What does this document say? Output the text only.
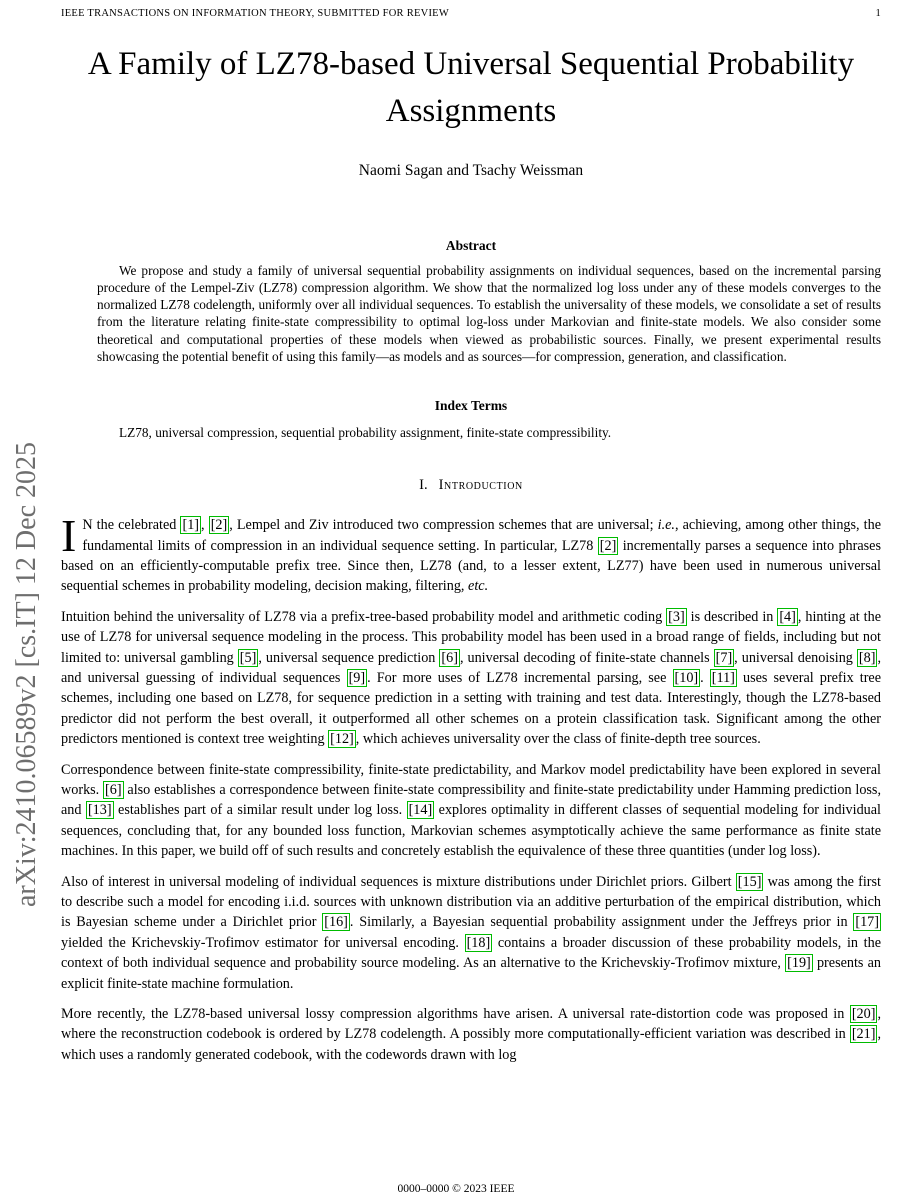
arXiv:2410.06589v2 [cs.IT] 12 Dec 2025
IEEE TRANSACTIONS ON INFORMATION THEORY, SUBMITTED FOR REVIEW	1
A Family of LZ78-based Universal Sequential Probability Assignments
Naomi Sagan and Tsachy Weissman
Abstract

We propose and study a family of universal sequential probability assignments on individual sequences, based on the incremental parsing procedure of the Lempel-Ziv (LZ78) compression algorithm. We show that the normalized log loss under any of these models converges to the normalized LZ78 codelength, uniformly over all individual sequences. To establish the universality of these models, we consolidate a set of results from the literature relating finite-state compressibility to optimal log-loss under Markovian and finite-state models. We also consider some theoretical and computational properties of these models when viewed as probabilistic sources. Finally, we present experimental results showcasing the potential benefit of using this family—as models and as sources—for compression, generation, and classification.

Index Terms

LZ78, universal compression, sequential probability assignment, finite-state compressibility.

I. Introduction

I N the celebrated [1] , [2] , Lempel and Ziv introduced two compression schemes that are universal; i.e., achieving, among other things, the fundamental limits of compression in an individual sequence setting. In particular, LZ78 [2] incrementally parses a sequence into phrases based on an efficiently-computable prefix tree. Since then, LZ78 (and, to a lesser extent, LZ77) have been used in numerous universal sequential schemes in probability modeling, decision making, filtering, etc.

Intuition behind the universality of LZ78 via a prefix-tree-based probability model and arithmetic coding [3] is described in [4] , hinting at the use of LZ78 for universal sequence modeling in the process. This probability model has been used in a broad range of fields, including but not limited to: universal gambling [5] , universal sequence prediction [6] , universal decoding of finite-state channels [7] , universal denoising [8] , and universal guessing of individual sequences [9] . For more uses of LZ78 incremental parsing, see [10] . [11] uses several prefix tree schemes, including one based on LZ78, for sequence prediction in a setting with training and test data. Interestingly, though the LZ78-based predictor did not perform the best overall, it outperformed all other schemes on a protein classification task. Significant among the other predictors mentioned is context tree weighting [12] , which achieves universality over the class of finite-depth tree sources.

Correspondence between finite-state compressibility, finite-state predictability, and Markov model predictability have been explored in several works. [6] also establishes a correspondence between finite-state compressibility and finite-state predictability under Hamming prediction loss, and [13] establishes part of a similar result under log loss. [14] explores optimality in different classes of sequential modeling for individual sequences, concluding that, for any bounded loss function, Markovian schemes asymptotically achieve the same performance as finite state machines. In this paper, we build off of such results and concretely establish the equivalence of these three quantities (under log loss).

Also of interest in universal modeling of individual sequences is mixture distributions under Dirichlet priors. Gilbert [15] was among the first to describe such a model for encoding i.i.d. sources with unknown distribution via an additive perturbation of the empirical distribution, which is Bayesian scheme under a Dirichlet prior [16] . Similarly, a Bayesian sequential probability assignment under the Jeffreys prior in [17] yielded the Krichevskiy-Trofimov estimator for universal encoding. [18] contains a broader discussion of these probability models, in the context of both individual sequence and probability source modeling. As an alternative to the Krichevskiy-Trofimov mixture, [19] presents an explicit finite-state machine formulation.

More recently, the LZ78-based universal lossy compression algorithms have arisen. A universal rate-distortion code was proposed in [20] , where the reconstruction codebook is ordered by LZ78 codelength. A possibly more computationally-efficient variation was described in [21] , which uses a randomly generated codebook, with the codewords drawn with log

0000–0000 © 2023 IEEE
